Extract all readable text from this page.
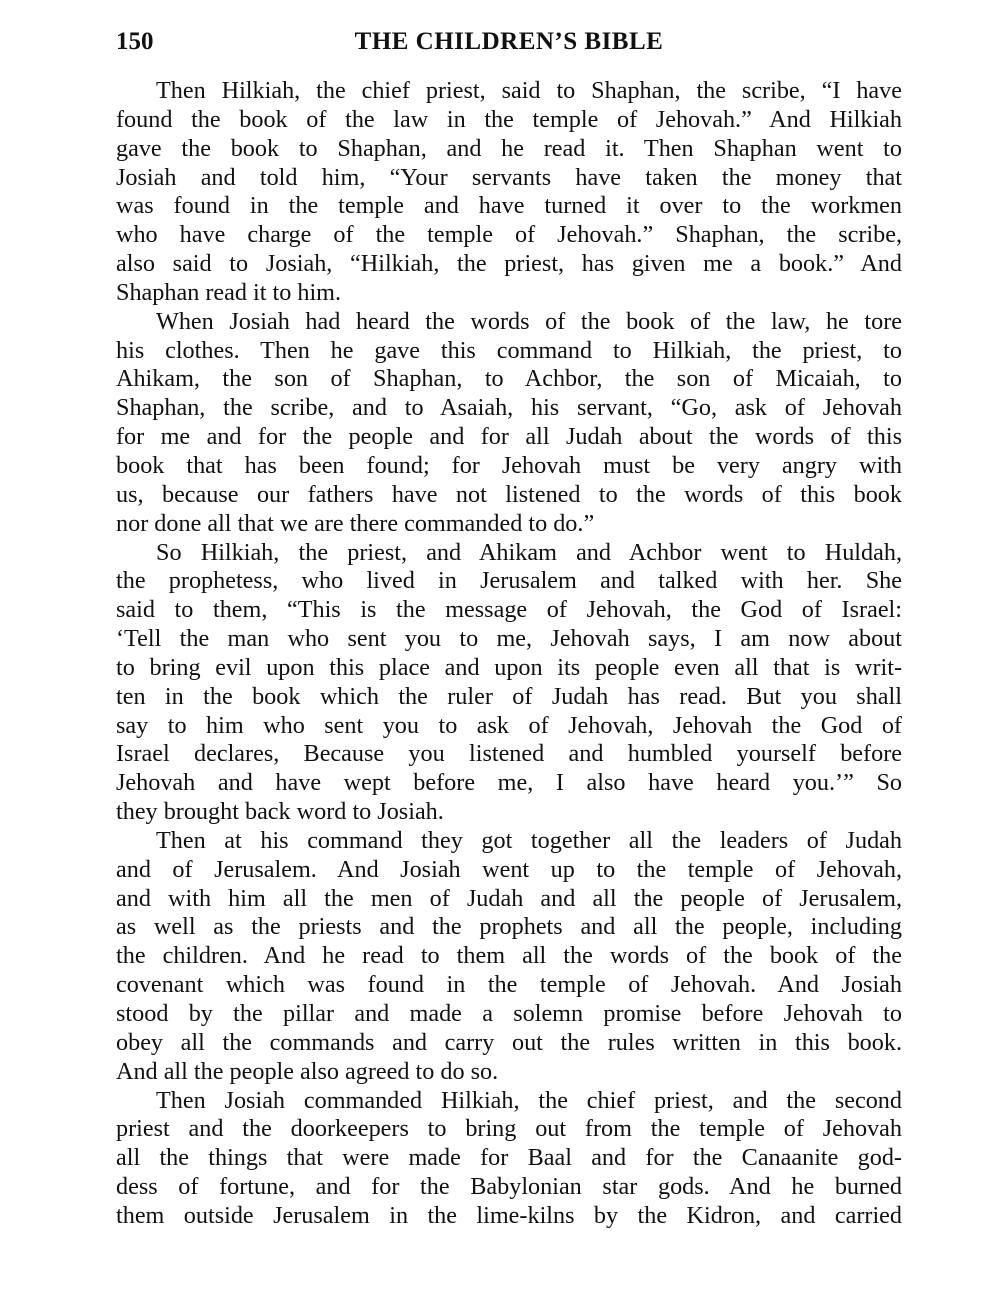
150	THE CHILDREN’S BIBLE

Then Hilkiah, the chief priest, said to Shaphan, the scribe, “I have
found the book of the law in the temple of Jehovah.” And Hilkiah
gave the book to Shaphan, and he read it. Then Shaphan went to
Josiah and told him, “Your servants have taken the money that
was found in the temple and have turned it over to the workmen
who have charge of the temple of Jehovah.” Shaphan, the scribe,
also said to Josiah, “Hilkiah, the priest, has given me a book.” And
Shaphan read it to him.

When Josiah had heard the words of the book of the law, he tore
his clothes. Then he gave this command to Hilkiah, the priest, to
Ahikam, the son of Shaphan, to Achbor, the son of Micaiah, to
Shaphan, the scribe, and to Asaiah, his servant, “Go, ask of Jehovah
for me and for the people and for all Judah about the words of this
book that has been found; for Jehovah must be very angry with
us, because our fathers have not listened to the words of this book
nor done all that we are there commanded to do.”

So Hilkiah, the priest, and Ahikam and Achbor went to Huldah,
the prophetess, who lived in Jerusalem and talked with her. She
said to them, “This is the message of Jehovah, the God of Israel:
‘Tell the man who sent you to me, Jehovah says, I am now about
to bring evil upon this place and upon its people even all that is writ-
ten in the book which the ruler of Judah has read. But you shall
say to him who sent you to ask of Jehovah, Jehovah the God of
Israel declares, Because you listened and humbled yourself before
Jehovah and have wept before me, I also have heard you.’” So
they brought back word to Josiah.

Then at his command they got together all the leaders of Judah
and of Jerusalem. And Josiah went up to the temple of Jehovah,
and with him all the men of Judah and all the people of Jerusalem,
as well as the priests and the prophets and all the people, including
the children. And he read to them all the words of the book of the
covenant which was found in the temple of Jehovah. And Josiah
stood by the pillar and made a solemn promise before Jehovah to
obey all the commands and carry out the rules written in this book.
And all the people also agreed to do so.

Then Josiah commanded Hilkiah, the chief priest, and the second
priest and the doorkeepers to bring out from the temple of Jehovah
all the things that were made for Baal and for the Canaanite god-
dess of fortune, and for the Babylonian star gods. And he burned
them outside Jerusalem in the lime-kilns by the Kidron, and carried
